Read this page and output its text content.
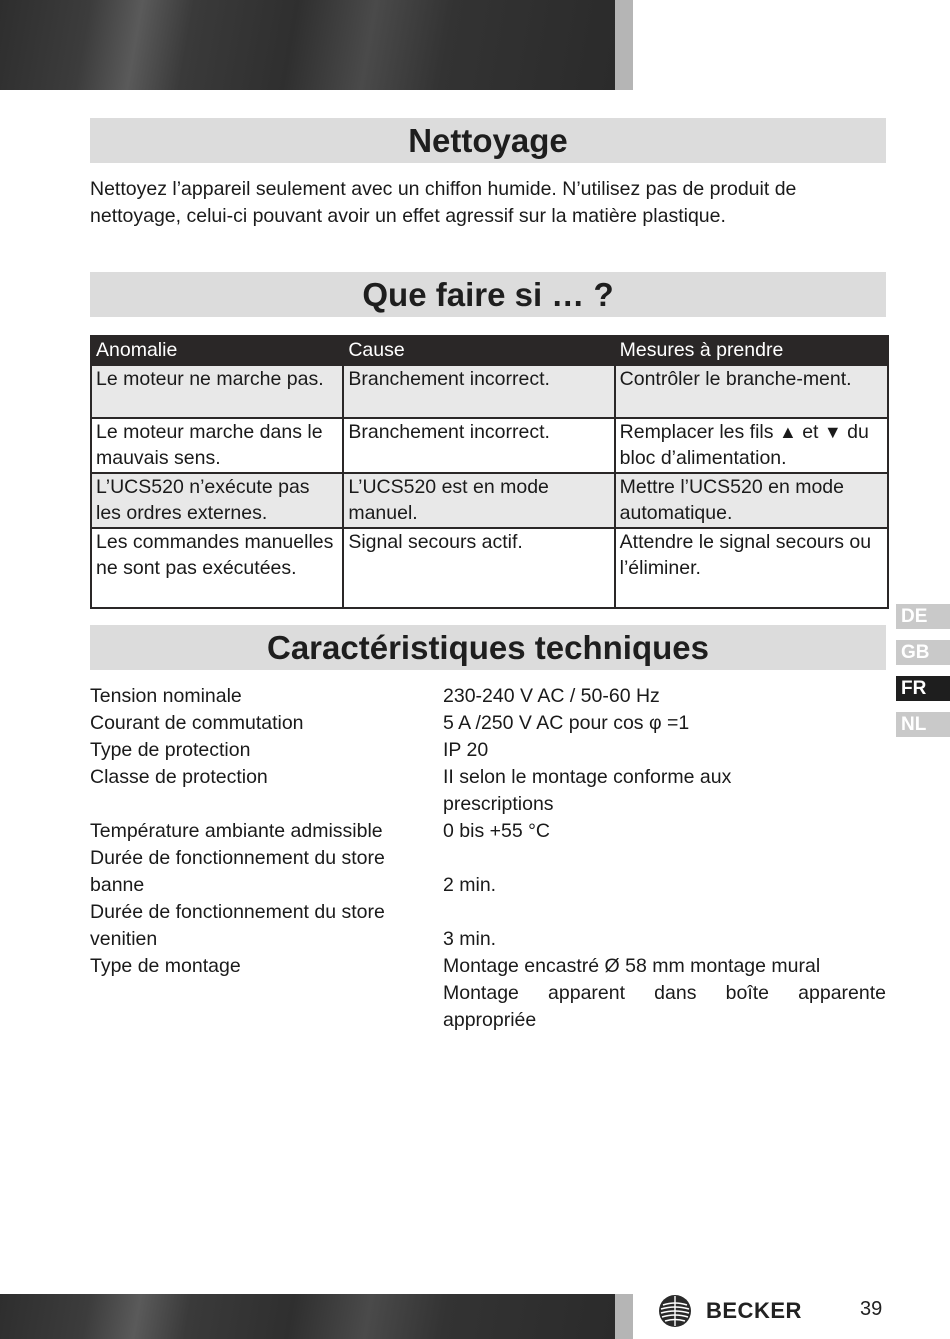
Nettoyage
Nettoyez l’appareil seulement avec un chiffon humide. N’utilisez pas de produit de nettoyage, celui-ci pouvant avoir un effet agressif sur la matière plastique.
Que faire si … ?
Anomalie	Cause	Mesures à prendre
Le moteur ne marche pas.	Branchement incorrect.	Contrôler le branche-ment.
Le moteur marche dans le mauvais sens.	Branchement incorrect.	Remplacer les fils ▲ et ▼ du bloc d’alimentation.
L’UCS520 n’exécute pas les ordres externes.	L’UCS520 est en mode manuel.	Mettre l’UCS520 en mode automatique.
Les commandes manuelles ne sont pas exécutées.	Signal secours actif.	Attendre le signal secours ou l’éliminer.
Caractéristiques techniques
Tension nominale	230-240 V AC / 50-60 Hz
Courant de commutation	5 A /250 V AC pour cos φ =1
Type de protection	IP 20
Classe de protection	II selon le montage conforme aux prescriptions
Température ambiante admissible	0 bis +55 °C
Durée de fonctionnement du store banne	2 min.
Durée de fonctionnement du store venitien	3 min.
Type de montage	Montage encastré Ø 58 mm montage mural
Montage apparent dans boîte apparente appropriée
DE
GB
FR
NL
BECKER	39
